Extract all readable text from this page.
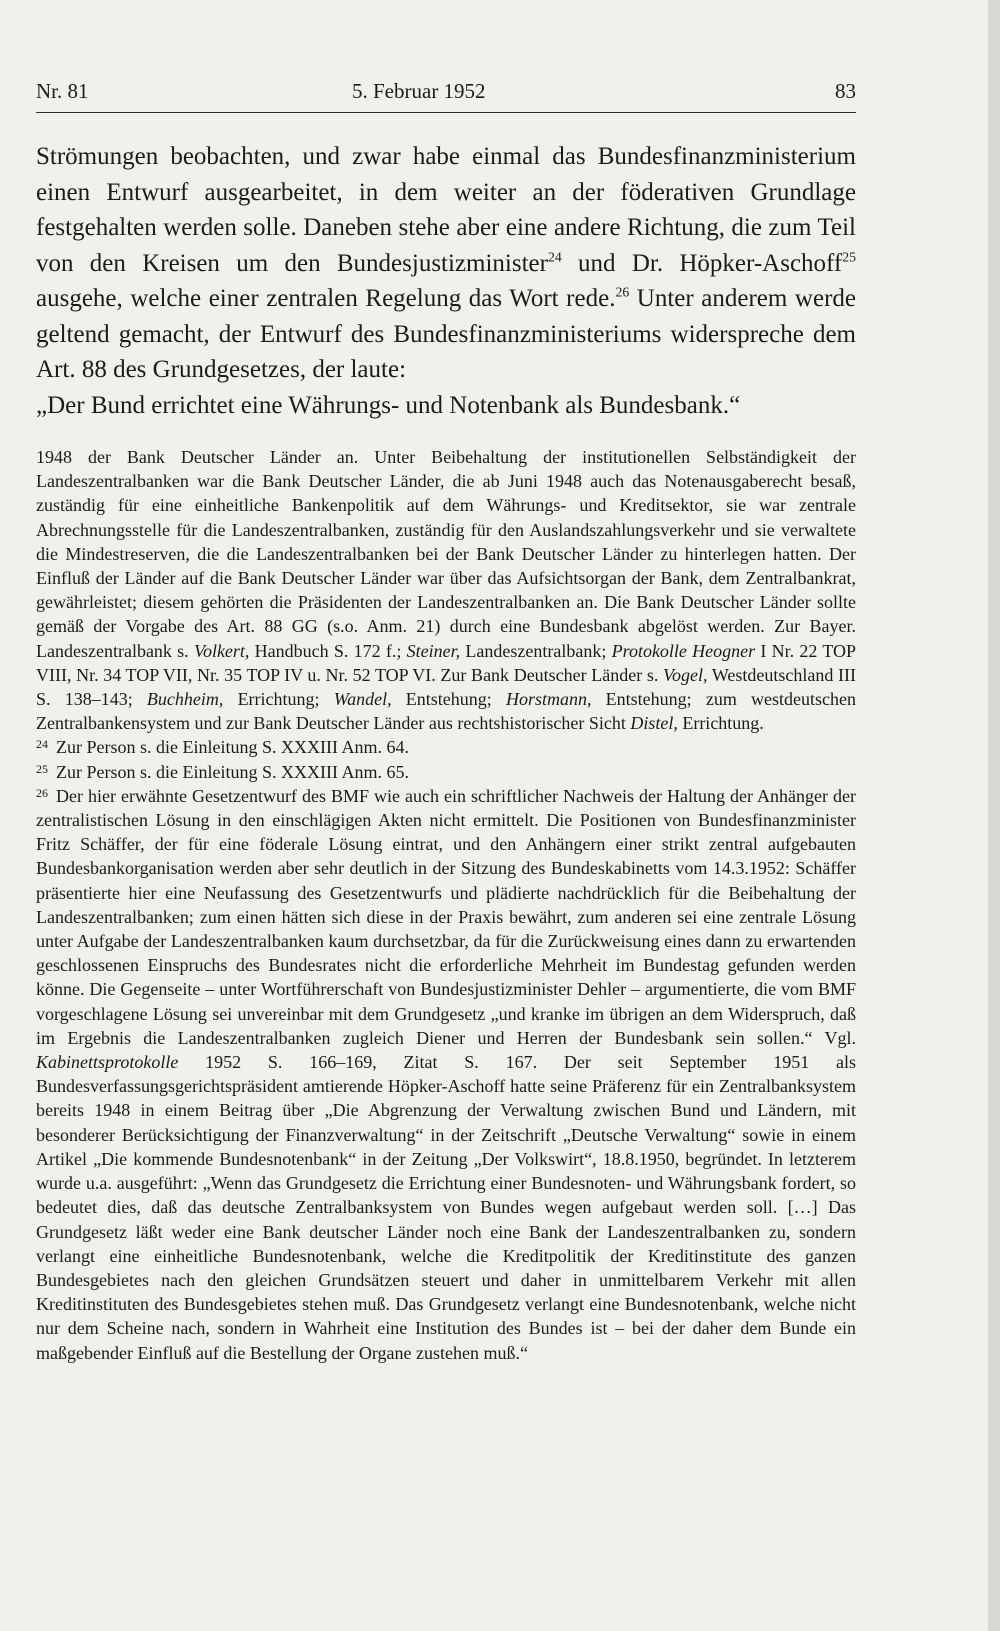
Nr. 81	5. Februar 1952	83

Strömungen beobachten, und zwar habe einmal das Bundesfinanzministerium einen Entwurf ausgearbeitet, in dem weiter an der föderativen Grundlage festgehalten werden solle. Daneben stehe aber eine andere Richtung, die zum Teil von den Kreisen um den Bundesjustizminister$^{24}$ und Dr. Höpker-Aschoff$^{25}$ ausgehe, welche einer zentralen Regelung das Wort rede.$^{26}$ Unter anderem werde geltend gemacht, der Entwurf des Bundesfinanzministeriums widerspreche dem Art. 88 des Grundgesetzes, der laute:

„Der Bund errichtet eine Währungs- und Notenbank als Bundesbank.“

1948 der Bank Deutscher Länder an. Unter Beibehaltung der institutionellen Selbständigkeit der Landeszentralbanken war die Bank Deutscher Länder, die ab Juni 1948 auch das Notenausgaberecht besaß, zuständig für eine einheitliche Bankenpolitik auf dem Währungs- und Kreditsektor, sie war zentrale Abrechnungsstelle für die Landeszentralbanken, zuständig für den Auslandszahlungsverkehr und sie verwaltete die Mindestreserven, die die Landeszentralbanken bei der Bank Deutscher Länder zu hinterlegen hatten. Der Einfluß der Länder auf die Bank Deutscher Länder war über das Aufsichtsorgan der Bank, dem Zentralbankrat, gewährleistet; diesem gehörten die Präsidenten der Landeszentralbanken an. Die Bank Deutscher Länder sollte gemäß der Vorgabe des Art. 88 GG (s.o. Anm. 21) durch eine Bundesbank abgelöst werden. Zur Bayer. Landeszentralbank s. Volkert, Handbuch S. 172 f.; Steiner, Landeszentralbank; Protokolle Heogner I Nr. 22 TOP VIII, Nr. 34 TOP VII, Nr. 35 TOP IV u. Nr. 52 TOP VI. Zur Bank Deutscher Länder s. Vogel, Westdeutschland III S. 138–143; Buchheim, Errichtung; Wandel, Entstehung; Horstmann, Entstehung; zum westdeutschen Zentralbankensystem und zur Bank Deutscher Länder aus rechtshistorischer Sicht Distel, Errichtung.

24 Zur Person s. die Einleitung S. XXXIII Anm. 64.

25 Zur Person s. die Einleitung S. XXXIII Anm. 65.

26 Der hier erwähnte Gesetzentwurf des BMF wie auch ein schriftlicher Nachweis der Haltung der Anhänger der zentralistischen Lösung in den einschlägigen Akten nicht ermittelt. Die Positionen von Bundesfinanzminister Fritz Schäffer, der für eine föderale Lösung eintrat, und den Anhängern einer strikt zentral aufgebauten Bundesbankorganisation werden aber sehr deutlich in der Sitzung des Bundeskabinetts vom 14.3.1952: Schäffer präsentierte hier eine Neufassung des Gesetzentwurfs und plädierte nachdrücklich für die Beibehaltung der Landeszentralbanken; zum einen hätten sich diese in der Praxis bewährt, zum anderen sei eine zentrale Lösung unter Aufgabe der Landeszentralbanken kaum durchsetzbar, da für die Zurückweisung eines dann zu erwartenden geschlossenen Einspruchs des Bundesrates nicht die erforderliche Mehrheit im Bundestag gefunden werden könne. Die Gegenseite – unter Wortführerschaft von Bundesjustizminister Dehler – argumentierte, die vom BMF vorgeschlagene Lösung sei unvereinbar mit dem Grundgesetz „und kranke im übrigen an dem Widerspruch, daß im Ergebnis die Landeszentralbanken zugleich Diener und Herren der Bundesbank sein sollen.“ Vgl. Kabinettsprotokolle 1952 S. 166–169, Zitat S. 167. Der seit September 1951 als Bundesverfassungsgerichtspräsident amtierende Höpker-Aschoff hatte seine Präferenz für ein Zentralbanksystem bereits 1948 in einem Beitrag über „Die Abgrenzung der Verwaltung zwischen Bund und Ländern, mit besonderer Berücksichtigung der Finanzverwaltung“ in der Zeitschrift „Deutsche Verwaltung“ sowie in einem Artikel „Die kommende Bundesnotenbank“ in der Zeitung „Der Volkswirt“, 18.8.1950, begründet. In letzterem wurde u.a. ausgeführt: „Wenn das Grundgesetz die Errichtung einer Bundesnoten- und Währungsbank fordert, so bedeutet dies, daß das deutsche Zentralbanksystem von Bundes wegen aufgebaut werden soll. […] Das Grundgesetz läßt weder eine Bank deutscher Länder noch eine Bank der Landeszentralbanken zu, sondern verlangt eine einheitliche Bundesnotenbank, welche die Kreditpolitik der Kreditinstitute des ganzen Bundesgebietes nach den gleichen Grundsätzen steuert und daher in unmittelbarem Verkehr mit allen Kreditinstituten des Bundesgebietes stehen muß. Das Grundgesetz verlangt eine Bundesnotenbank, welche nicht nur dem Scheine nach, sondern in Wahrheit eine Institution des Bundes ist – bei der daher dem Bunde ein maßgebender Einfluß auf die Bestellung der Organe zustehen muß.“
